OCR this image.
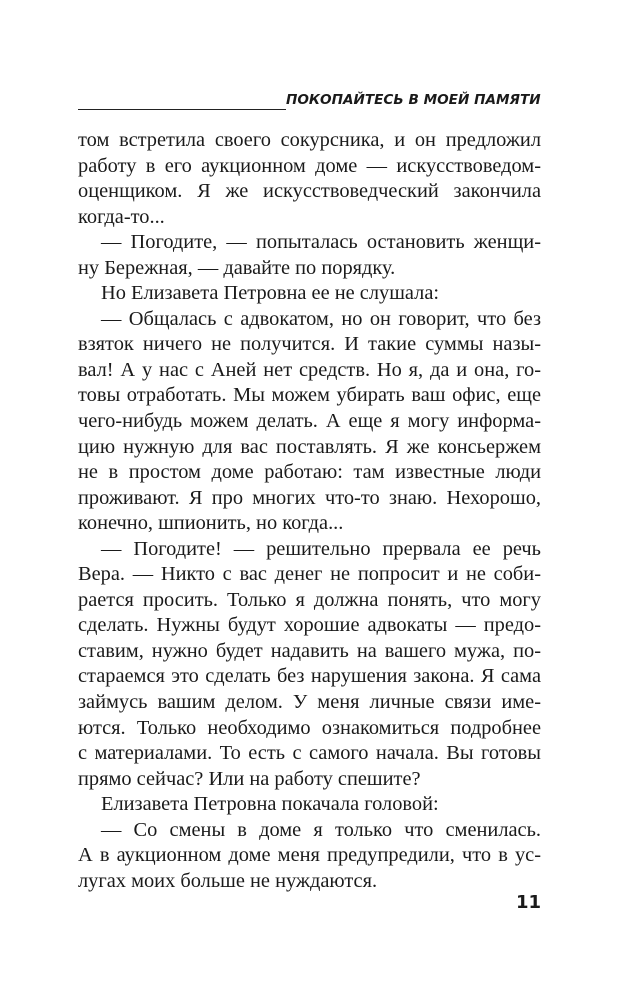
ПОКОПАЙТЕСЬ В МОЕЙ ПАМЯТИ
том встретила своего сокурсника, и он предложил
работу в его аукционном доме — искусствоведом-
оценщиком. Я же искусствоведческий закончила
когда-то...
— Погодите, — попыталась остановить женщи-
ну Бережная, — давайте по порядку.
Но Елизавета Петровна ее не слушала:
— Общалась с адвокатом, но он говорит, что без
взяток ничего не получится. И такие суммы назы-
вал! А у нас с Аней нет средств. Но я, да и она, го-
товы отработать. Мы можем убирать ваш офис, еще
чего-нибудь можем делать. А еще я могу информа-
цию нужную для вас поставлять. Я же консьержем
не в простом доме работаю: там известные люди
проживают. Я про многих что-то знаю. Нехорошо,
конечно, шпионить, но когда...
— Погодите! — решительно прервала ее речь
Вера. — Никто с вас денег не попросит и не соби-
рается просить. Только я должна понять, что могу
сделать. Нужны будут хорошие адвокаты — предо-
ставим, нужно будет надавить на вашего мужа, по-
стараемся это сделать без нарушения закона. Я сама
займусь вашим делом. У меня личные связи име-
ются. Только необходимо ознакомиться подробнее
с материалами. То есть с самого начала. Вы готовы
прямо сейчас? Или на работу спешите?
Елизавета Петровна покачала головой:
— Со смены в доме я только что сменилась.
А в аукционном доме меня предупредили, что в ус-
лугах моих больше не нуждаются.
11
